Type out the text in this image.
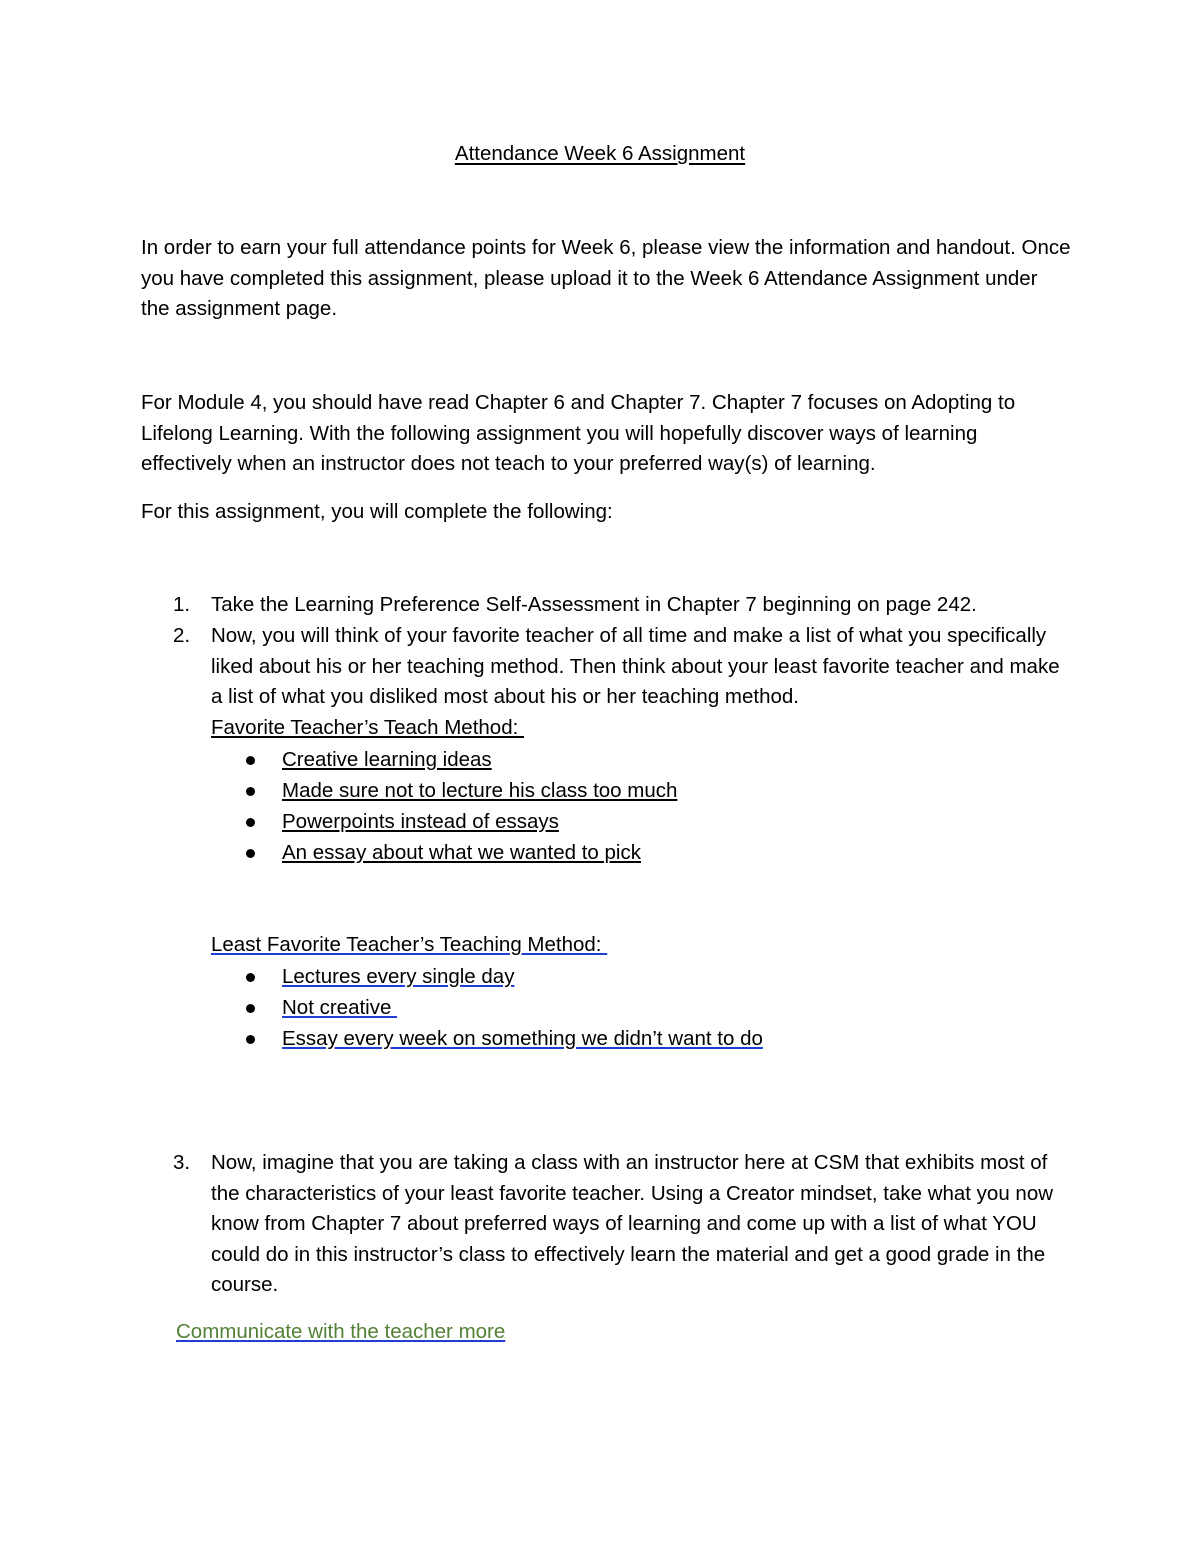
Attendance Week 6 Assignment

In order to earn your full attendance points for Week 6, please view the information and handout. Once you have completed this assignment, please upload it to the Week 6 Attendance Assignment under the assignment page.

For Module 4, you should have read Chapter 6 and Chapter 7. Chapter 7 focuses on Adopting to Lifelong Learning. With the following assignment you will hopefully discover ways of learning effectively when an instructor does not teach to your preferred way(s) of learning.

For this assignment, you will complete the following:

1. Take the Learning Preference Self-Assessment in Chapter 7 beginning on page 242.
2. Now, you will think of your favorite teacher of all time and make a list of what you specifically liked about his or her teaching method. Then think about your least favorite teacher and make a list of what you disliked most about his or her teaching method.
Favorite Teacher’s Teach Method:
Creative learning ideas
Made sure not to lecture his class too much
Powerpoints instead of essays
An essay about what we wanted to pick
Least Favorite Teacher’s Teaching Method:
Lectures every single day
Not creative
Essay every week on something we didn’t want to do
3. Now, imagine that you are taking a class with an instructor here at CSM that exhibits most of the characteristics of your least favorite teacher. Using a Creator mindset, take what you now know from Chapter 7 about preferred ways of learning and come up with a list of what YOU could do in this instructor’s class to effectively learn the material and get a good grade in the course.
Communicate with the teacher more
